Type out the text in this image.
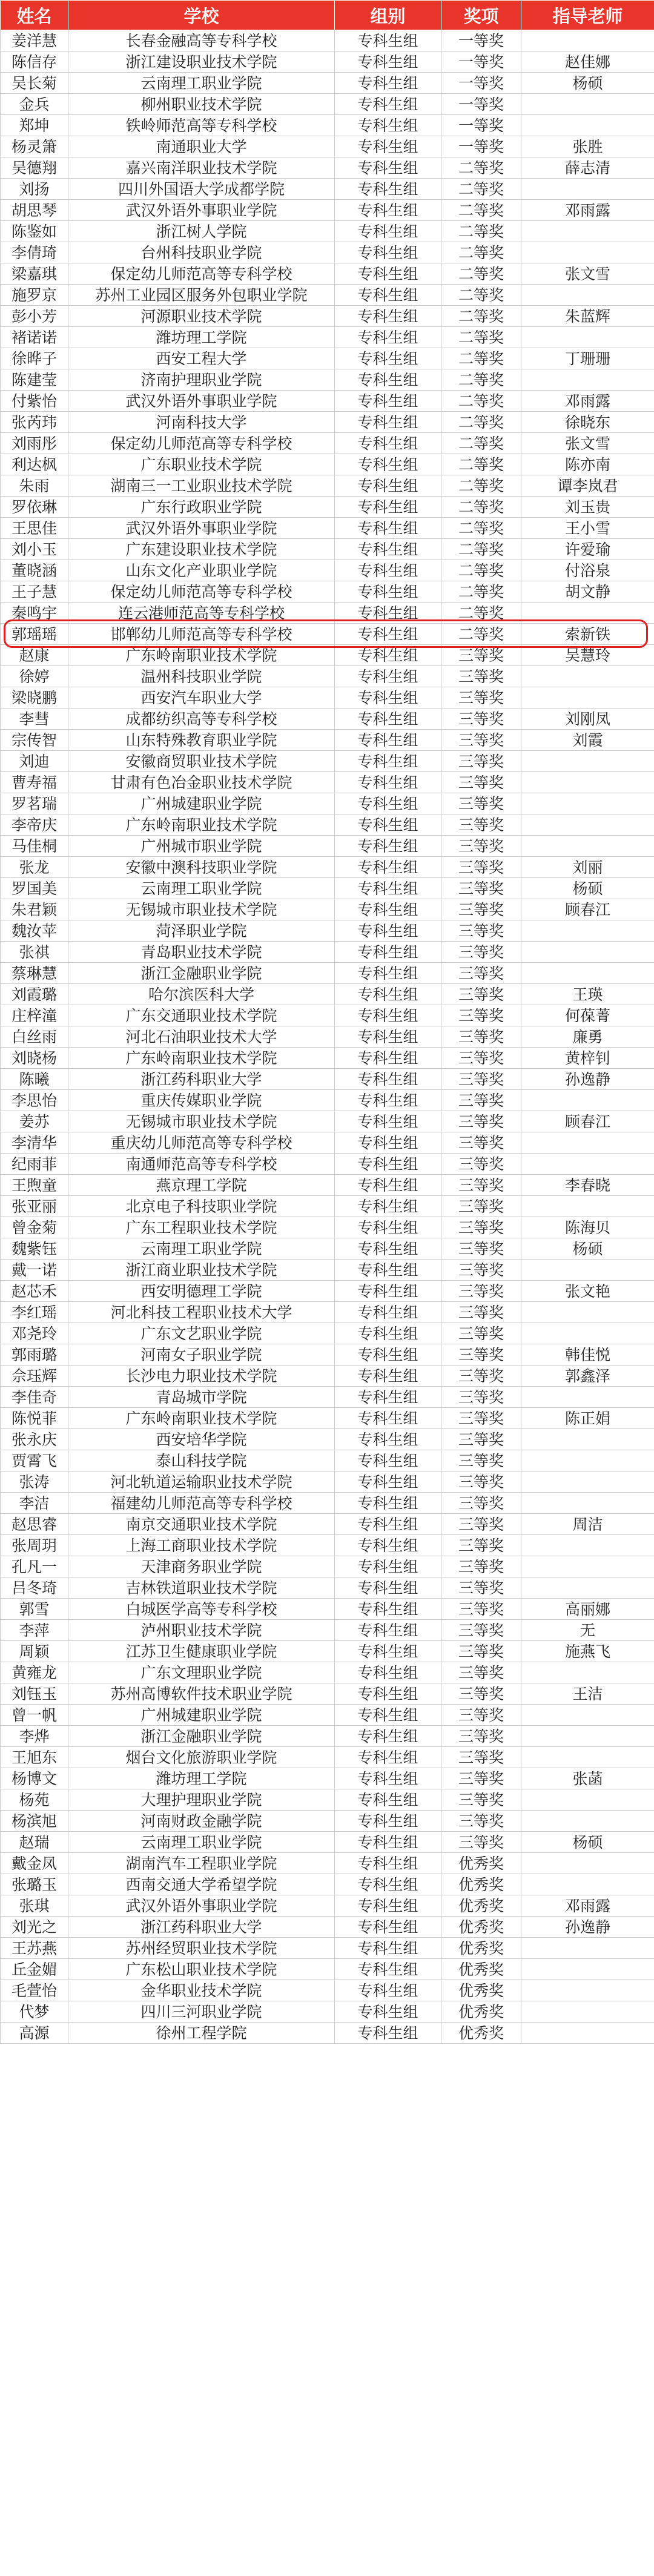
姓名	学校	组别	奖项	指导老师
姜洋慧	长春金融高等专科学校	专科生组	一等奖	
陈信存	浙江建设职业技术学院	专科生组	一等奖	赵佳娜
吴长菊	云南理工职业学院	专科生组	一等奖	杨硕
金兵	柳州职业技术学院	专科生组	一等奖	
郑坤	铁岭师范高等专科学校	专科生组	一等奖	
杨灵箫	南通职业大学	专科生组	一等奖	张胜
吴德翔	嘉兴南洋职业技术学院	专科生组	二等奖	薛志清
刘扬	四川外国语大学成都学院	专科生组	二等奖	
胡思琴	武汉外语外事职业学院	专科生组	二等奖	邓雨露
陈鉴如	浙江树人学院	专科生组	二等奖	
李倩琦	台州科技职业学院	专科生组	二等奖	
梁嘉琪	保定幼儿师范高等专科学校	专科生组	二等奖	张文雪
施罗京	苏州工业园区服务外包职业学院	专科生组	二等奖	
彭小芳	河源职业技术学院	专科生组	二等奖	朱蓝辉
褚诺诺	潍坊理工学院	专科生组	二等奖	
徐晔子	西安工程大学	专科生组	二等奖	丁珊珊
陈建莹	济南护理职业学院	专科生组	二等奖	
付紫怡	武汉外语外事职业学院	专科生组	二等奖	邓雨露
张芮玮	河南科技大学	专科生组	二等奖	徐晓东
刘雨彤	保定幼儿师范高等专科学校	专科生组	二等奖	张文雪
利达枫	广东职业技术学院	专科生组	二等奖	陈亦南
朱雨	湖南三一工业职业技术学院	专科生组	二等奖	谭李岚君
罗依琳	广东行政职业学院	专科生组	二等奖	刘玉贵
王思佳	武汉外语外事职业学院	专科生组	二等奖	王小雪
刘小玉	广东建设职业技术学院	专科生组	二等奖	许爱瑜
董晓涵	山东文化产业职业学院	专科生组	二等奖	付浴泉
王子慧	保定幼儿师范高等专科学校	专科生组	二等奖	胡文静
秦鸣宇	连云港师范高等专科学校	专科生组	二等奖	
郭瑶瑶	邯郸幼儿师范高等专科学校	专科生组	二等奖	索新铁
赵康	广东岭南职业技术学院	专科生组	三等奖	吴慧玲
徐婷	温州科技职业学院	专科生组	三等奖	
梁晓鹏	西安汽车职业大学	专科生组	三等奖	
李彗	成都纺织高等专科学校	专科生组	三等奖	刘刚凤
宗传智	山东特殊教育职业学院	专科生组	三等奖	刘霞
刘迪	安徽商贸职业技术学院	专科生组	三等奖	
曹寿福	甘肃有色冶金职业技术学院	专科生组	三等奖	
罗茗瑞	广州城建职业学院	专科生组	三等奖	
李帝庆	广东岭南职业技术学院	专科生组	三等奖	
马佳桐	广州城市职业学院	专科生组	三等奖	
张龙	安徽中澳科技职业学院	专科生组	三等奖	刘丽
罗国美	云南理工职业学院	专科生组	三等奖	杨硕
朱君颖	无锡城市职业技术学院	专科生组	三等奖	顾春江
魏汝苹	菏泽职业学院	专科生组	三等奖	
张祺	青岛职业技术学院	专科生组	三等奖	
蔡琳慧	浙江金融职业学院	专科生组	三等奖	
刘霞璐	哈尔滨医科大学	专科生组	三等奖	王瑛
庄梓潼	广东交通职业技术学院	专科生组	三等奖	何葆菁
白丝雨	河北石油职业技术大学	专科生组	三等奖	廉勇
刘晓杨	广东岭南职业技术学院	专科生组	三等奖	黄梓钊
陈曦	浙江药科职业大学	专科生组	三等奖	孙逸静
李思怡	重庆传媒职业学院	专科生组	三等奖	
姜苏	无锡城市职业技术学院	专科生组	三等奖	顾春江
李清华	重庆幼儿师范高等专科学校	专科生组	三等奖	
纪雨菲	南通师范高等专科学校	专科生组	三等奖	
王煦童	燕京理工学院	专科生组	三等奖	李春晓
张亚丽	北京电子科技职业学院	专科生组	三等奖	
曾金菊	广东工程职业技术学院	专科生组	三等奖	陈海贝
魏紫钰	云南理工职业学院	专科生组	三等奖	杨硕
戴一诺	浙江商业职业技术学院	专科生组	三等奖	
赵芯禾	西安明德理工学院	专科生组	三等奖	张文艳
李红瑶	河北科技工程职业技术大学	专科生组	三等奖	
邓尧玲	广东文艺职业学院	专科生组	三等奖	
郭雨璐	河南女子职业学院	专科生组	三等奖	韩佳悦
佘珏辉	长沙电力职业技术学院	专科生组	三等奖	郭鑫泽
李佳奇	青岛城市学院	专科生组	三等奖	
陈悦菲	广东岭南职业技术学院	专科生组	三等奖	陈正娟
张永庆	西安培华学院	专科生组	三等奖	
贾霄飞	泰山科技学院	专科生组	三等奖	
张涛	河北轨道运输职业技术学院	专科生组	三等奖	
李洁	福建幼儿师范高等专科学校	专科生组	三等奖	
赵思睿	南京交通职业技术学院	专科生组	三等奖	周洁
张周玥	上海工商职业技术学院	专科生组	三等奖	
孔凡一	天津商务职业学院	专科生组	三等奖	
吕冬琦	吉林铁道职业技术学院	专科生组	三等奖	
郭雪	白城医学高等专科学校	专科生组	三等奖	高丽娜
李萍	泸州职业技术学院	专科生组	三等奖	无
周颖	江苏卫生健康职业学院	专科生组	三等奖	施燕飞
黄雍龙	广东文理职业学院	专科生组	三等奖	
刘钰玉	苏州高博软件技术职业学院	专科生组	三等奖	王洁
曾一帆	广州城建职业学院	专科生组	三等奖	
李烨	浙江金融职业学院	专科生组	三等奖	
王旭东	烟台文化旅游职业学院	专科生组	三等奖	
杨博文	潍坊理工学院	专科生组	三等奖	张菡
杨苑	大理护理职业学院	专科生组	三等奖	
杨滨旭	河南财政金融学院	专科生组	三等奖	
赵瑞	云南理工职业学院	专科生组	三等奖	杨硕
戴金凤	湖南汽车工程职业学院	专科生组	优秀奖	
张璐玉	西南交通大学希望学院	专科生组	优秀奖	
张琪	武汉外语外事职业学院	专科生组	优秀奖	邓雨露
刘光之	浙江药科职业大学	专科生组	优秀奖	孙逸静
王苏燕	苏州经贸职业技术学院	专科生组	优秀奖	
丘金媚	广东松山职业技术学院	专科生组	优秀奖	
毛萱怡	金华职业技术学院	专科生组	优秀奖	
代梦	四川三河职业学院	专科生组	优秀奖	
高源	徐州工程学院	专科生组	优秀奖	
